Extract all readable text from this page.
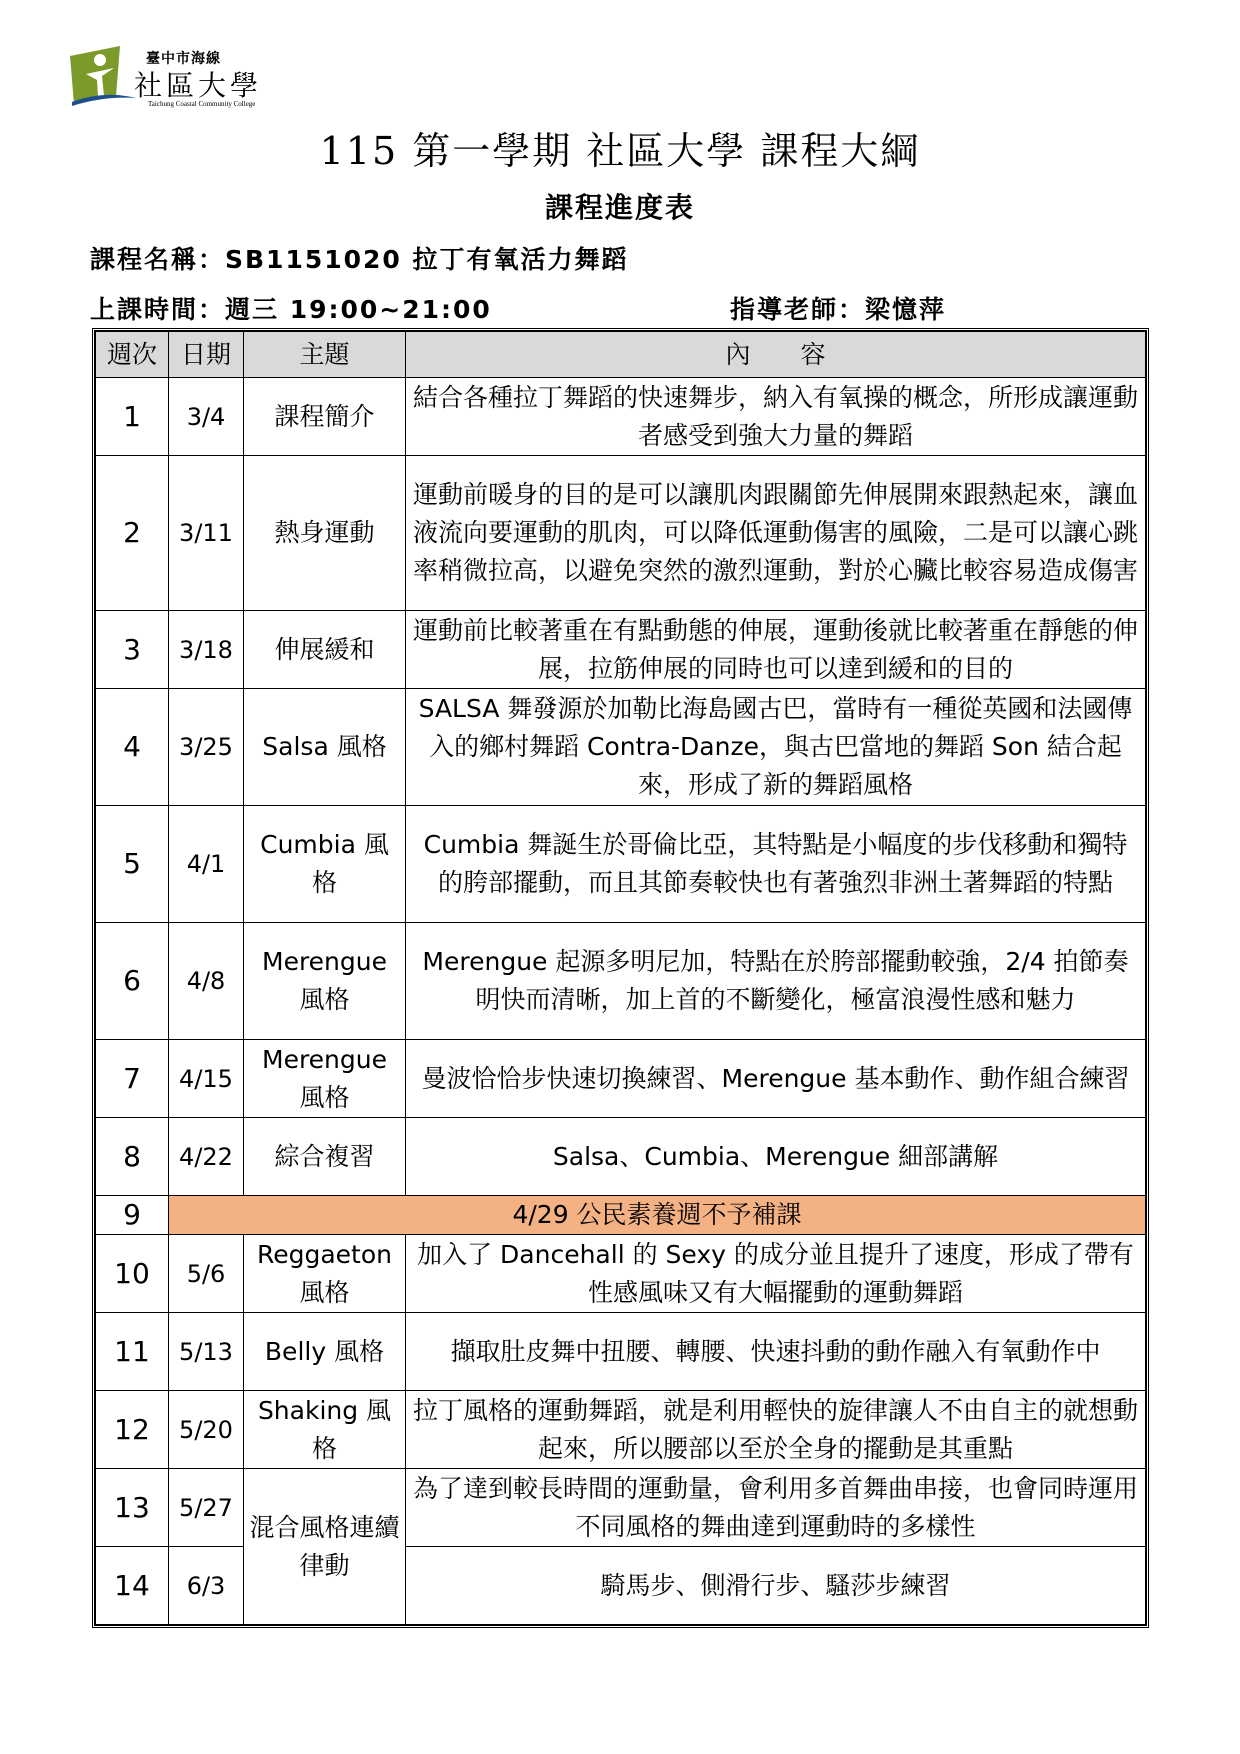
臺中市海線
社區大學
Taichung Coastal Community College
115 第一學期 社區大學 課程大綱
課程進度表
課程名稱：SB1151020 拉丁有氧活力舞蹈
上課時間：週三 19:00~21:00	指導老師：梁憶萍
週次	日期	主題	內　　容
1	3/4	課程簡介	結合各種拉丁舞蹈的快速舞步，納入有氧操的概念，所形成讓運動者感受到強大力量的舞蹈
2	3/11	熱身運動	運動前暖身的目的是可以讓肌肉跟關節先伸展開來跟熱起來，讓血液流向要運動的肌肉，可以降低運動傷害的風險，二是可以讓心跳率稍微拉高，以避免突然的激烈運動，對於心臟比較容易造成傷害
3	3/18	伸展緩和	運動前比較著重在有點動態的伸展，運動後就比較著重在靜態的伸展，拉筋伸展的同時也可以達到緩和的目的
4	3/25	Salsa 風格	SALSA 舞發源於加勒比海島國古巴，當時有一種從英國和法國傳入的鄉村舞蹈 Contra-Danze，與古巴當地的舞蹈 Son 結合起來，形成了新的舞蹈風格
5	4/1	Cumbia 風格	Cumbia 舞誕生於哥倫比亞，其特點是小幅度的步伐移動和獨特的胯部擺動，而且其節奏較快也有著強烈非洲土著舞蹈的特點
6	4/8	Merengue 風格	Merengue 起源多明尼加，特點在於胯部擺動較強，2/4 拍節奏明快而清晰，加上首的不斷變化，極富浪漫性感和魅力
7	4/15	Merengue 風格	曼波恰恰步快速切換練習、Merengue 基本動作、動作組合練習
8	4/22	綜合複習	Salsa、Cumbia、Merengue 細部講解
9	4/29 公民素養週不予補課		
10	5/6	Reggaeton 風格	加入了 Dancehall 的 Sexy 的成分並且提升了速度，形成了帶有性感風味又有大幅擺動的運動舞蹈
11	5/13	Belly 風格	擷取肚皮舞中扭腰、轉腰、快速抖動的動作融入有氧動作中
12	5/20	Shaking 風格	拉丁風格的運動舞蹈，就是利用輕快的旋律讓人不由自主的就想動起來，所以腰部以至於全身的擺動是其重點
13	5/27	混合風格連續律動	為了達到較長時間的運動量，會利用多首舞曲串接，也會同時運用不同風格的舞曲達到運動時的多樣性
14	6/3		騎馬步、側滑行步、騷莎步練習
